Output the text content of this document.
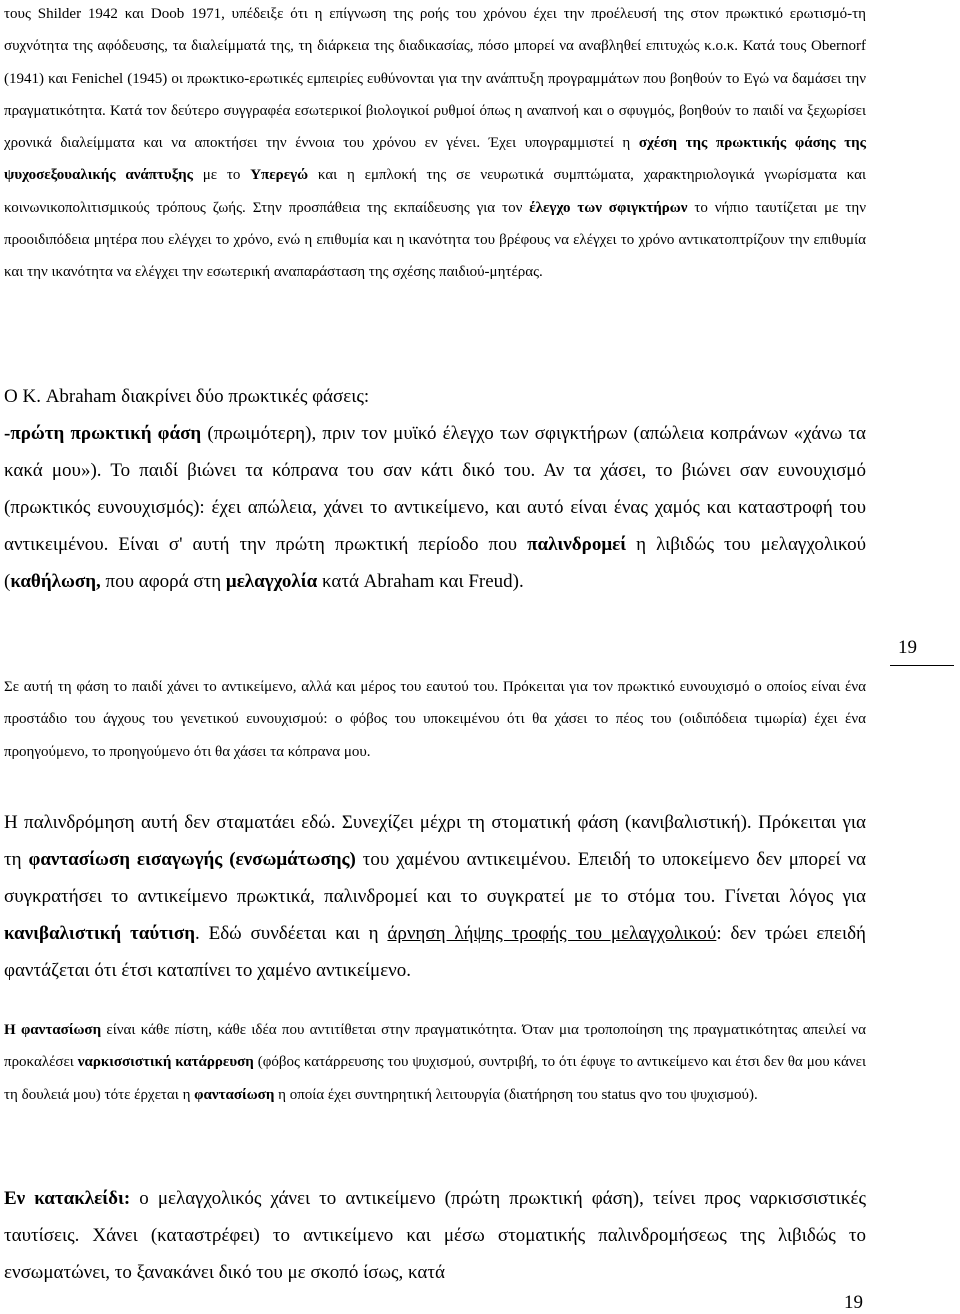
τους Shilder 1942 και Doob 1971, υπέδειξε ότι η επίγνωση της ροής του χρόνου έχει την προέλευσή της στον πρωκτικό ερωτισμό-τη συχνότητα της αφόδευσης, τα διαλείμματά της, τη διάρκεια της διαδικασίας, πόσο μπορεί να αναβληθεί επιτυχώς κ.ο.κ. Κατά τους Obernorf (1941) και Fenichel (1945) οι πρωκτικο-ερωτικές εμπειρίες ευθύνονται για την ανάπτυξη προγραμμάτων που βοηθούν το Εγώ να δαμάσει την πραγματικότητα. Κατά τον δεύτερο συγγραφέα εσωτερικοί βιολογικοί ρυθμοί όπως η αναπνοή και ο σφυγμός, βοηθούν το παιδί να ξεχωρίσει χρονικά διαλείμματα και να αποκτήσει την έννοια του χρόνου εν γένει. Έχει υπογραμμιστεί η σχέση της πρωκτικής φάσης της ψυχοσεξουαλικής ανάπτυξης με το Υπερεγώ και η εμπλοκή της σε νευρωτικά συμπτώματα, χαρακτηριολογικά γνωρίσματα και κοινωνικοπολιτισμικούς τρόπους ζωής. Στην προσπάθεια της εκπαίδευσης για τον έλεγχο των σφιγκτήρων το νήπιο ταυτίζεται με την προοιδιπόδεια μητέρα που ελέγχει το χρόνο, ενώ η επιθυμία και η ικανότητα του βρέφους να ελέγχει το χρόνο αντικατοπτρίζουν την επιθυμία και την ικανότητα να ελέγχει την εσωτερική αναπαράσταση της σχέσης παιδιού-μητέρας.

Ο Κ. Abraham διακρίνει δύο πρωκτικές φάσεις:
-πρώτη πρωκτική φάση (πρωιμότερη), πριν τον μυϊκό έλεγχο των σφιγκτήρων (απώλεια κοπράνων «χάνω τα κακά μου»). Το παιδί βιώνει τα κόπρανα του σαν κάτι δικό του. Αν τα χάσει, το βιώνει σαν ευνουχισμό (πρωκτικός ευνουχισμός): έχει απώλεια, χάνει το αντικείμενο, και αυτό είναι ένας χαμός και καταστροφή του αντικειμένου. Είναι σ' αυτή την πρώτη πρωκτική περίοδο που παλινδρομεί η λιβιδώς του μελαγχολικού (καθήλωση, που αφορά στη μελαγχολία κατά Abraham και Freud).

19

Σε αυτή τη φάση το παιδί χάνει το αντικείμενο, αλλά και μέρος του εαυτού του. Πρόκειται για τον πρωκτικό ευνουχισμό ο οποίος είναι ένα προστάδιο του άγχους του γενετικού ευνουχισμού: ο φόβος του υποκειμένου ότι θα χάσει το πέος του (οιδιπόδεια τιμωρία) έχει ένα προηγούμενο, το προηγούμενο ότι θα χάσει τα κόπρανα μου.

Η παλινδρόμηση αυτή δεν σταματάει εδώ. Συνεχίζει μέχρι τη στοματική φάση (κανιβαλιστική). Πρόκειται για τη φαντασίωση εισαγωγής (ενσωμάτωσης) του χαμένου αντικειμένου. Επειδή το υποκείμενο δεν μπορεί να συγκρατήσει το αντικείμενο πρωκτικά, παλινδρομεί και το συγκρατεί με το στόμα του. Γίνεται λόγος για κανιβαλιστική ταύτιση. Εδώ συνδέεται και η άρνηση λήψης τροφής του μελαγχολικού: δεν τρώει επειδή φαντάζεται ότι έτσι καταπίνει το χαμένο αντικείμενο.

Η φαντασίωση είναι κάθε πίστη, κάθε ιδέα που αντιτίθεται στην πραγματικότητα. Όταν μια τροποποίηση της πραγματικότητας απειλεί να προκαλέσει ναρκισσιστική κατάρρευση (φόβος κατάρρευσης του ψυχισμού, συντριβή, το ότι έφυγε το αντικείμενο και έτσι δεν θα μου κάνει τη δουλειά μου) τότε έρχεται η φαντασίωση η οποία έχει συντηρητική λειτουργία (διατήρηση του status qvo του ψυχισμού).

Εν κατακλείδι: ο μελαγχολικός χάνει το αντικείμενο (πρώτη πρωκτική φάση), τείνει προς ναρκισσιστικές ταυτίσεις. Χάνει (καταστρέφει) το αντικείμενο και μέσω στοματικής παλινδρομήσεως της λιβιδώς το ενσωματώνει, το ξανακάνει δικό του με σκοπό ίσως, κατά

19
